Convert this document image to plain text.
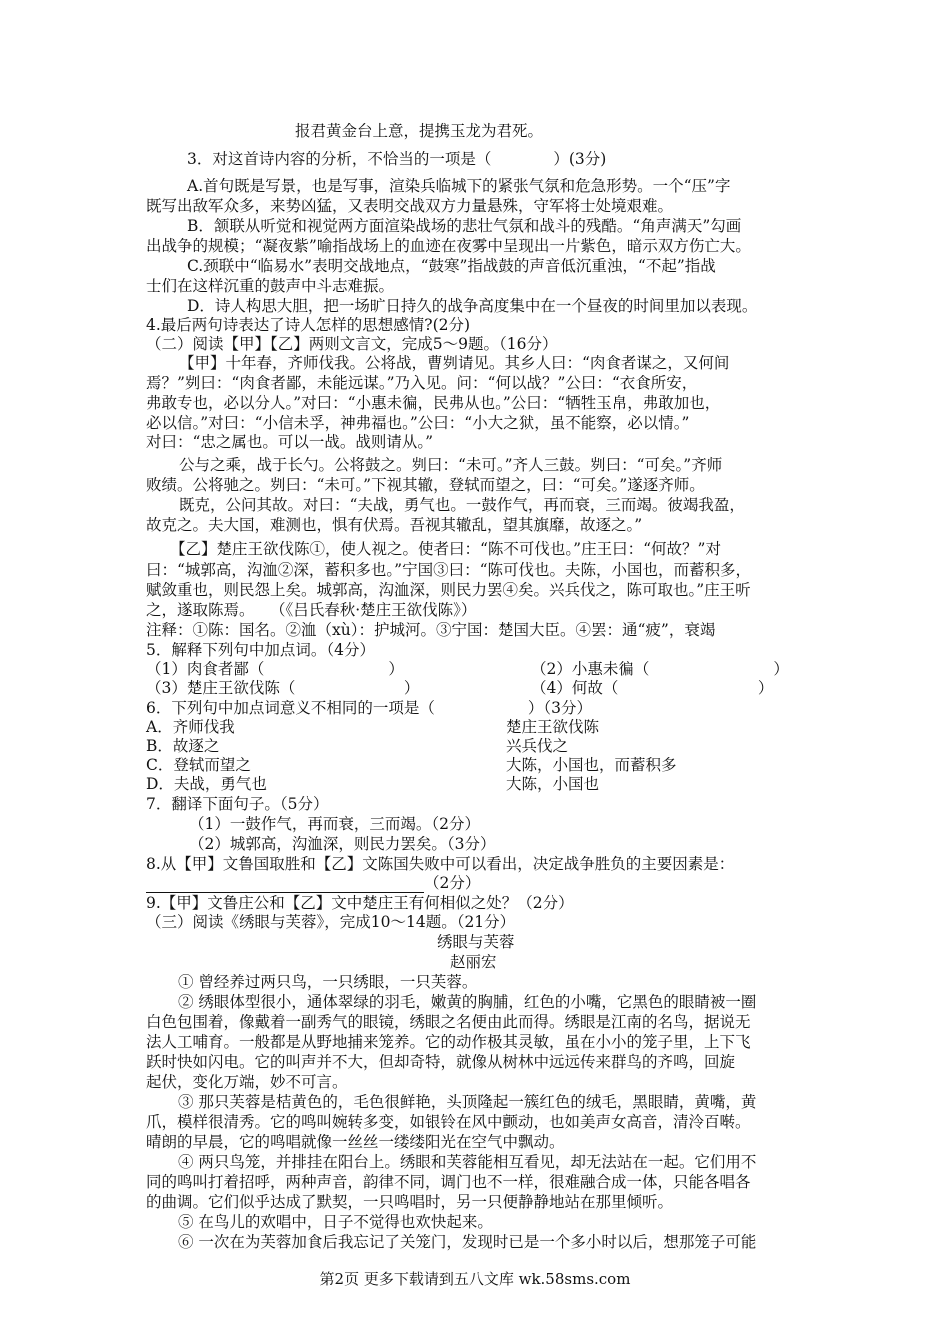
报君黄金台上意，提携玉龙为君死。
3．对这首诗内容的分析，不恰当的一项是（　　　　）(3分)
A.首句既是写景，也是写事，渲染兵临城下的紧张气氛和危急形势。一个“压”字
既写出敌军众多，来势凶猛，又表明交战双方力量悬殊，守军将士处境艰难。
B．颔联从听觉和视觉两方面渲染战场的悲壮气氛和战斗的残酷。“角声满天”勾画
出战争的规模；“凝夜紫”喻指战场上的血迹在夜雾中呈现出一片紫色，暗示双方伤亡大。
C.颈联中“临易水”表明交战地点，“鼓寒”指战鼓的声音低沉重浊，“不起”指战
士们在这样沉重的鼓声中斗志难振。
D．诗人构思大胆，把一场旷日持久的战争高度集中在一个昼夜的时间里加以表现。
4.最后两句诗表达了诗人怎样的思想感情?(2分)
（二）阅读【甲】【乙】两则文言文，完成5～9题。（16分）
【甲】十年春，齐师伐我。公将战，曹刿请见。其乡人曰：“肉食者谋之，又何间
焉？”刿曰：“肉食者鄙，未能远谋。”乃入见。问：“何以战？”公曰：“衣食所安，
弗敢专也，必以分人。”对曰：“小惠未徧，民弗从也。”公曰：“牺牲玉帛，弗敢加也，
必以信。”对曰：“小信未孚，神弗福也。”公曰：“小大之狱，虽不能察，必以情。”
对曰：“忠之属也。可以一战。战则请从。”
公与之乘，战于长勺。公将鼓之。刿曰：“未可。”齐人三鼓。刿曰：“可矣。”齐师
败绩。公将驰之。刿曰：“未可。”下视其辙，登轼而望之，曰：“可矣。”遂逐齐师。
既克，公问其故。对曰：“夫战，勇气也。一鼓作气，再而衰，三而竭。彼竭我盈，
故克之。夫大国，难测也，惧有伏焉。吾视其辙乱，望其旗靡，故逐之。”
【乙】楚庄王欲伐陈①，使人视之。使者曰：“陈不可伐也。”庄王曰：“何故？”对
曰：“城郭高，沟洫②深，蓄积多也。”宁国③曰：“陈可伐也。夫陈，小国也，而蓄积多，
赋敛重也，则民怨上矣。城郭高，沟洫深，则民力罢④矣。兴兵伐之，陈可取也。”庄王听
之，遂取陈焉。　　（《吕氏春秋·楚庄王欲伐陈》）
注释：①陈：国名。②洫（xù）：护城河。③宁国：楚国大臣。④罢：通“疲”，衰竭
5．解释下列句中加点词。（4分）
（1）肉食者鄙（　　　　　　　　）	（2）小惠未徧（　　　　　　　　）
（3）楚庄王欲伐陈（　　　　　　　）	（4）何故（　　　　　　　　　）
6．下列句中加点词意义不相同的一项是（　　　　　　）（3分）
A．齐师伐我	楚庄王欲伐陈
B．故逐之	兴兵伐之
C．登轼而望之	大陈，小国也，而蓄积多
D．夫战，勇气也	大陈，小国也
7．翻译下面句子。（5分）
（1）一鼓作气，再而衰，三而竭。（2分）
（2）城郭高，沟洫深，则民力罢矣。（3分）
8.从【甲】文鲁国取胜和【乙】文陈国失败中可以看出，决定战争胜负的主要因素是：
（2分）
9.【甲】文鲁庄公和【乙】文中楚庄王有何相似之处？（2分）
（三）阅读《绣眼与芙蓉》，完成10～14题。（21分）
绣眼与芙蓉
赵丽宏
① 曾经养过两只鸟，一只绣眼，一只芙蓉。
② 绣眼体型很小，通体翠绿的羽毛，嫩黄的胸脯，红色的小嘴，它黑色的眼睛被一圈
白色包围着，像戴着一副秀气的眼镜，绣眼之名便由此而得。绣眼是江南的名鸟，据说无
法人工哺育。一般都是从野地捕来笼养。它的动作极其灵敏，虽在小小的笼子里，上下飞
跃时快如闪电。它的叫声并不大，但却奇特，就像从树林中远远传来群鸟的齐鸣，回旋
起伏，变化万端，妙不可言。
③ 那只芙蓉是桔黄色的，毛色很鲜艳，头顶隆起一簇红色的绒毛，黑眼睛，黄嘴，黄
爪，模样很清秀。它的鸣叫婉转多变，如银铃在风中颤动，也如美声女高音，清泠百啭。
晴朗的早晨，它的鸣唱就像一丝丝一缕缕阳光在空气中飘动。
④ 两只鸟笼，并排挂在阳台上。绣眼和芙蓉能相互看见，却无法站在一起。它们用不
同的鸣叫打着招呼，两种声音，韵律不同，调门也不一样，很难融合成一体，只能各唱各
的曲调。它们似乎达成了默契，一只鸣唱时，另一只便静静地站在那里倾听。
⑤ 在鸟儿的欢唱中，日子不觉得也欢快起来。
⑥ 一次在为芙蓉加食后我忘记了关笼门，发现时已是一个多小时以后，想那笼子可能
第2页 更多下载请到五八文库 wk.58sms.com
